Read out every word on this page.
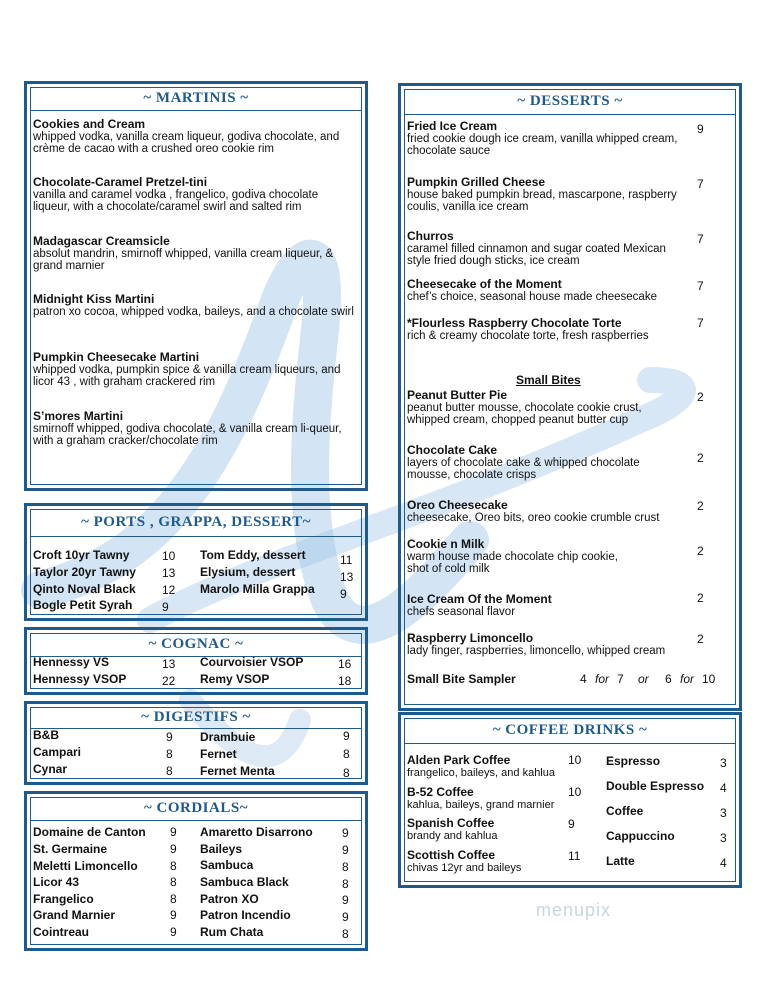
~ MARTINIS ~
Cookies and Cream
whipped vodka, vanilla cream liqueur, godiva chocolate, and crème de cacao with a crushed oreo cookie rim
Chocolate-Caramel Pretzel-tini
vanilla and caramel vodka , frangelico, godiva chocolate liqueur, with a chocolate/caramel swirl and salted rim
Madagascar Creamsicle
absolut mandrin, smirnoff whipped, vanilla cream liqueur, & grand marnier
Midnight Kiss Martini
patron xo cocoa, whipped vodka, baileys, and a chocolate swirl
Pumpkin Cheesecake Martini
whipped vodka, pumpkin spice & vanilla cream liqueurs, and licor 43 , with graham crackered rim
S’mores Martini
smirnoff whipped, godiva chocolate, & vanilla cream li-queur, with a graham cracker/chocolate rim
~ PORTS , GRAPPA, DESSERT~
Croft 10yr Tawny	10
Taylor 20yr Tawny 13
Qinto Noval Black 12
Bogle Petit Syrah 9
Tom Eddy, dessert	11
Elysium, dessert	13
Marolo Milla Grappa 9
~ COGNAC ~
Hennessy VS	13
Hennessy VSOP	22
Courvoisier VSOP	16
Remy VSOP	18
~ DIGESTIFS ~
B&B	9
Campari	8
Cynar	8
Drambuie	9
Fernet	8
Fernet Menta	8
~ CORDIALS~
Domaine de Canton 9
St. Germaine	9
Meletti Limoncello	8
Licor 43	8
Frangelico	8
Grand Marnier	9
Cointreau	9
Amaretto Disarrono 9
Baileys	9
Sambuca	8
Sambuca Black	8
Patron XO	9
Patron Incendio	9
Rum Chata	8
~ DESSERTS ~
Fried Ice Cream
fried cookie dough ice cream, vanilla whipped cream, chocolate sauce
9
Pumpkin Grilled Cheese
house baked pumpkin bread, mascarpone, raspberry coulis, vanilla ice cream
7
Churros
caramel filled cinnamon and sugar coated Mexican style fried dough sticks, ice cream
7
Cheesecake of the Moment
chef’s choice, seasonal house made cheesecake
7
*Flourless Raspberry Chocolate Torte
rich & creamy chocolate torte, fresh raspberries
7
Small Bites
Peanut Butter Pie
peanut butter mousse, chocolate cookie crust, whipped cream, chopped peanut butter cup
2
Chocolate Cake
layers of chocolate cake & whipped chocolate mousse, chocolate crisps
2
Oreo Cheesecake
cheesecake, Oreo bits, oreo cookie crumble crust
2
Cookie n Milk
warm house made chocolate chip cookie, shot of cold milk
2
Ice Cream Of the Moment
chefs seasonal flavor
2
Raspberry Limoncello
lady finger, raspberries, limoncello, whipped cream
2
Small Bite Sampler	4 for 7 or 6 for 10
~ COFFEE DRINKS ~
Alden Park Coffee
frangelico, baileys, and kahlua
10
B-52 Coffee
kahlua, baileys, grand marnier
10
Spanish Coffee
brandy and kahlua
9
Scottish Coffee
chivas 12yr and baileys
11
Espresso	3
Double Espresso 4
Coffee	3
Cappuccino	3
Latte	4
menupix
